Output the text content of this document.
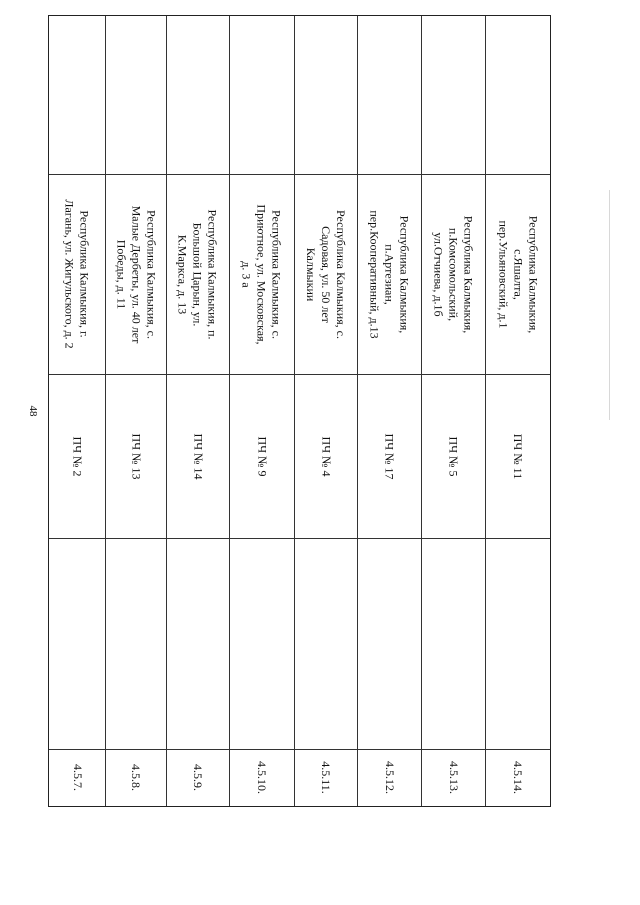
48
Республика Калмыкия, г.
Лагань, ул. Жигульского, д. 2
ПЧ № 2
4.5.7.
Республика Калмыкия, с.
Малые Дербеты, ул. 40 лет
Победы, д. 11
ПЧ № 13
4.5.8.
Республика Калмыкия, п.
Большой Царын, ул.
К.Маркса, д. 13
ПЧ № 14
4.5.9.
Республика Калмыкия, с.
Приютное, ул. Московская,
д. 3 а
ПЧ № 9
4.5.10.
Республика Калмыкия, с.
Садовая, ул. 50 лет
Калмыкии
ПЧ № 4
4.5.11.
Республика Калмыкия,
п.Артезиан,
пер.Кооперативный, д.13
ПЧ № 17
4.5.12.
Республика Калмыкия,
п.Комсомольский,
ул.Отчиева, д.1б
ПЧ № 5
4.5.13.
Республика Калмыкия,
с.Яшалта,
пер.Ульяновский, д.1
ПЧ № 11
4.5.14.
